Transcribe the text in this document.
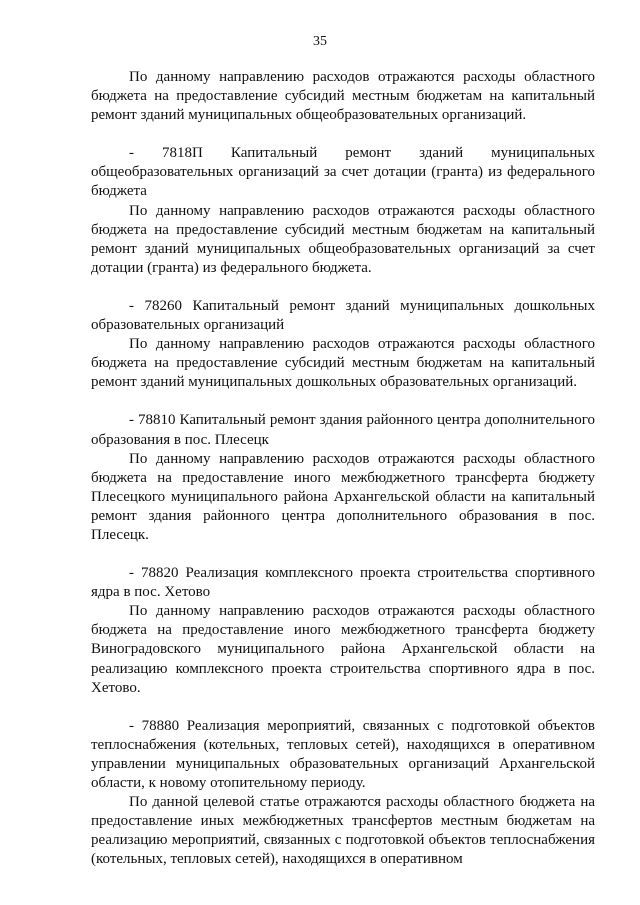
35

По данному направлению расходов отражаются расходы областного бюджета на предоставление субсидий местным бюджетам на капитальный ремонт зданий муниципальных общеобразовательных организаций.

- 7818П Капитальный ремонт зданий муниципальных общеобразовательных организаций за счет дотации (гранта) из федерального бюджета

По данному направлению расходов отражаются расходы областного бюджета на предоставление субсидий местным бюджетам на капитальный ремонт зданий муниципальных общеобразовательных организаций за счет дотации (гранта) из федерального бюджета.

- 78260 Капитальный ремонт зданий муниципальных дошкольных образовательных организаций

По данному направлению расходов отражаются расходы областного бюджета на предоставление субсидий местным бюджетам на капитальный ремонт зданий муниципальных дошкольных образовательных организаций.

- 78810 Капитальный ремонт здания районного центра дополнительного образования в пос. Плесецк

По данному направлению расходов отражаются расходы областного бюджета на предоставление иного межбюджетного трансферта бюджету Плесецкого муниципального района Архангельской области на капитальный ремонт здания районного центра дополнительного образования в пос. Плесецк.

- 78820 Реализация комплексного проекта строительства спортивного ядра в пос. Хетово

По данному направлению расходов отражаются расходы областного бюджета на предоставление иного межбюджетного трансферта бюджету Виноградовского муниципального района Архангельской области на реализацию комплексного проекта строительства спортивного ядра в пос. Хетово.

- 78880 Реализация мероприятий, связанных с подготовкой объектов теплоснабжения (котельных, тепловых сетей), находящихся в оперативном управлении муниципальных образовательных организаций Архангельской области, к новому отопительному периоду.

По данной целевой статье отражаются расходы областного бюджета на предоставление иных межбюджетных трансфертов местным бюджетам на реализацию мероприятий, связанных с подготовкой объектов теплоснабжения (котельных, тепловых сетей), находящихся в оперативном
